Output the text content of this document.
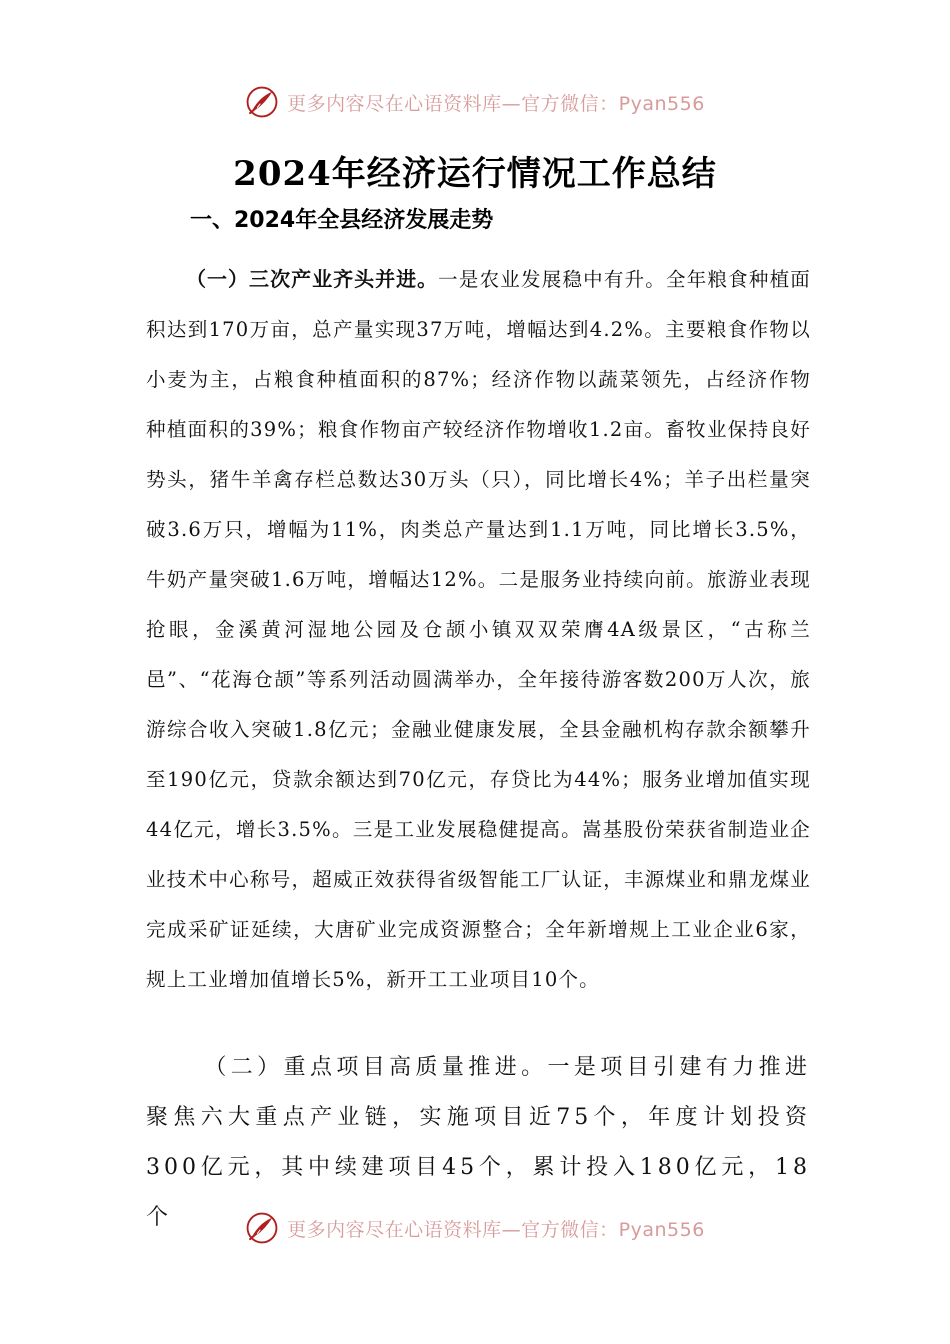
更多内容尽在心语资料库—官方微信：Pyan556
2024年经济运行情况工作总结
一、2024年全县经济发展走势

（一）三次产业齐头并进。一是农业发展稳中有升。全年粮食种植面积达到170万亩，总产量实现37万吨，增幅达到4.2%。主要粮食作物以小麦为主，占粮食种植面积的87%；经济作物以蔬菜领先，占经济作物种植面积的39%；粮食作物亩产较经济作物增收1.2亩。畜牧业保持良好势头，猪牛羊禽存栏总数达30万头（只），同比增长4%；羊子出栏量突破3.6万只，增幅为11%，肉类总产量达到1.1万吨，同比增长3.5%，牛奶产量突破1.6万吨，增幅达12%。二是服务业持续向前。旅游业表现抢眼，金溪黄河湿地公园及仓颉小镇双双荣膺4A级景区，“古称兰邑”、“花海仓颉”等系列活动圆满举办，全年接待游客数200万人次，旅游综合收入突破1.8亿元；金融业健康发展，全县金融机构存款余额攀升至190亿元，贷款余额达到70亿元，存贷比为44%；服务业增加值实现44亿元，增长3.5%。三是工业发展稳健提高。嵩基股份荣获省制造业企业技术中心称号，超威正效获得省级智能工厂认证，丰源煤业和鼎龙煤业完成采矿证延续，大唐矿业完成资源整合；全年新增规上工业企业6家，规上工业增加值增长5%，新开工工业项目10个。

（二）重点项目高质量推进。一是项目引建有力推进聚焦六大重点产业链，实施项目近75个，年度计划投资300亿元，其中续建项目45个，累计投入180亿元，18个	更多内容尽在心语资料库—官方微信：Pyan556
